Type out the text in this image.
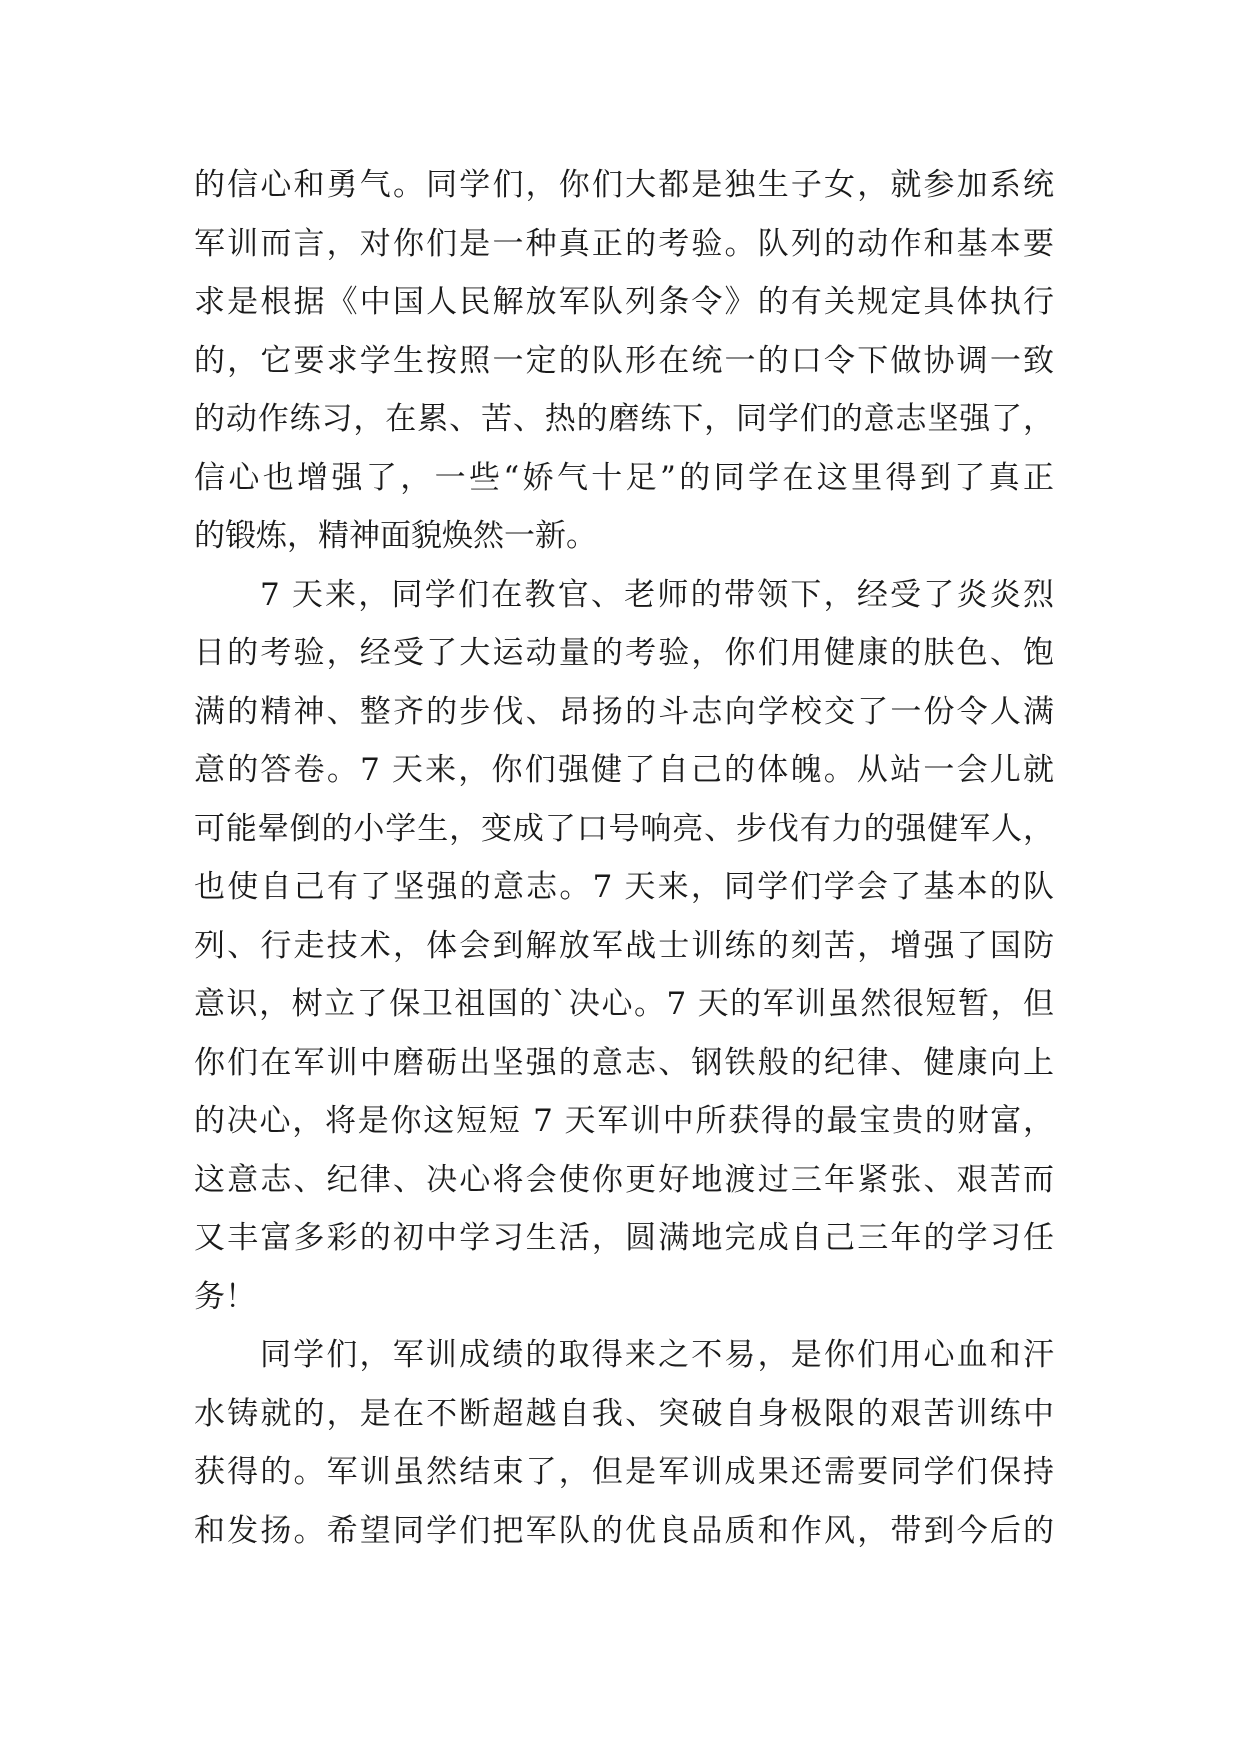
的信心和勇气。同学们，你们大都是独生子女，就参加系统
军训而言，对你们是一种真正的考验。队列的动作和基本要
求是根据《中国人民解放军队列条令》的有关规定具体执行
的，它要求学生按照一定的队形在统一的口令下做协调一致
的动作练习，在累、苦、热的磨练下，同学们的意志坚强了，
信心也增强了，一些“娇气十足”的同学在这里得到了真正
的锻炼，精神面貌焕然一新。
7 天来，同学们在教官、老师的带领下，经受了炎炎烈
日的考验，经受了大运动量的考验，你们用健康的肤色、饱
满的精神、整齐的步伐、昂扬的斗志向学校交了一份令人满
意的答卷。7 天来，你们强健了自己的体魄。从站一会儿就
可能晕倒的小学生，变成了口号响亮、步伐有力的强健军人，
也使自己有了坚强的意志。7 天来，同学们学会了基本的队
列、行走技术，体会到解放军战士训练的刻苦，增强了国防
意识，树立了保卫祖国的`决心。7 天的军训虽然很短暂，但
你们在军训中磨砺出坚强的意志、钢铁般的纪律、健康向上
的决心，将是你这短短 7 天军训中所获得的最宝贵的财富，
这意志、纪律、决心将会使你更好地渡过三年紧张、艰苦而
又丰富多彩的初中学习生活，圆满地完成自己三年的学习任
务！
同学们，军训成绩的取得来之不易，是你们用心血和汗
水铸就的，是在不断超越自我、突破自身极限的艰苦训练中
获得的。军训虽然结束了，但是军训成果还需要同学们保持
和发扬。希望同学们把军队的优良品质和作风，带到今后的
